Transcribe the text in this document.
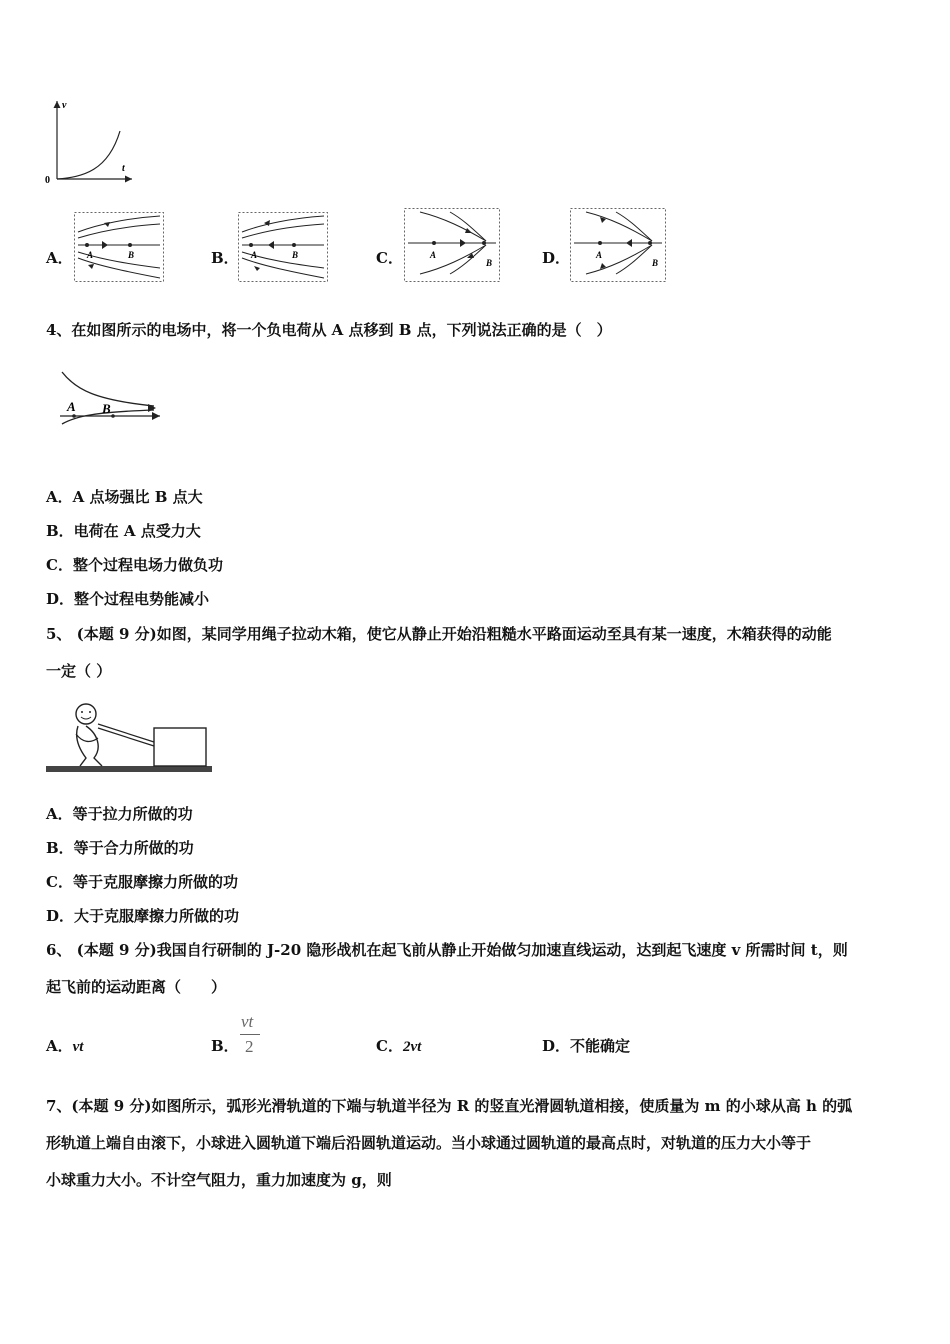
v
t
0
A．	B．	C．	D．
A	B	A	B	A
B
A
B
4、在如图所示的电场中，将一个负电荷从 A 点移到 B 点，下列说法正确的是（　）
A B
A．A 点场强比 B 点大
B．电荷在 A 点受力大
C．整个过程电场力做负功
D．整个过程电势能减小
5、 (本题 9 分)如图，某同学用绳子拉动木箱，使它从静止开始沿粗糙水平路面运动至具有某一速度，木箱获得的动能
一定（ ）
A．等于拉力所做的功
B．等于合力所做的功
C．等于克服摩擦力所做的功
D．大于克服摩擦力所做的功
6、 (本题 9 分)我国自行研制的 J-20 隐形战机在起飞前从静止开始做匀加速直线运动，达到起飞速度 v 所需时间 t，则
起飞前的运动距离（　　）
A．vt	B．
vt
2	C．2vt	D．不能确定
7、(本题 9 分)如图所示，弧形光滑轨道的下端与轨道半径为 R 的竖直光滑圆轨道相接，使质量为 m 的小球从高 h 的弧
形轨道上端自由滚下，小球进入圆轨道下端后沿圆轨道运动。当小球通过圆轨道的最高点时，对轨道的压力大小等于
小球重力大小。不计空气阻力，重力加速度为 g，则
